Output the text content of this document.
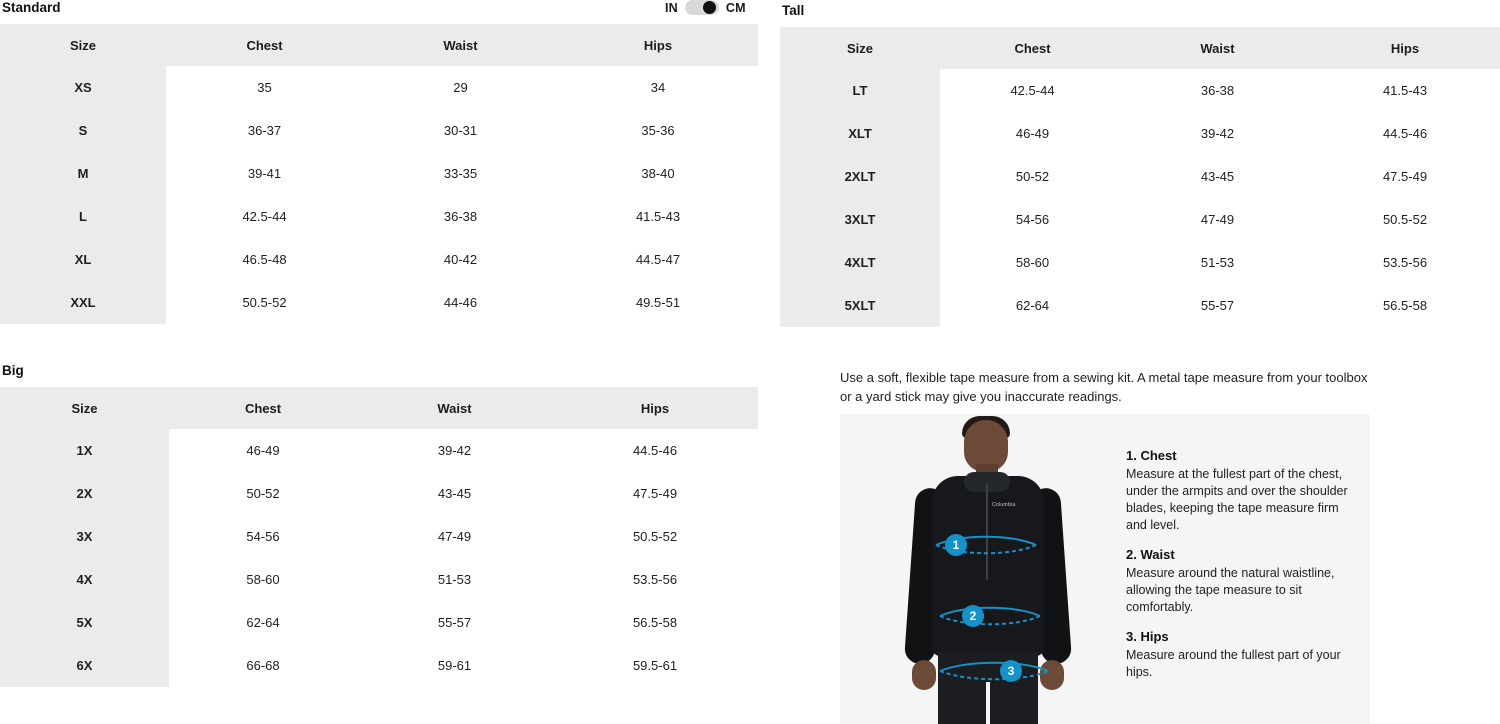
IN	CM
Standard
Size	Chest	Waist	Hips
XS	35	29	34
S	36-37	30-31	35-36
M	39-41	33-35	38-40
L	42.5-44	36-38	41.5-43
XL	46.5-48	40-42	44.5-47
XXL	50.5-52	44-46	49.5-51
Big
Size	Chest	Waist	Hips
1X	46-49	39-42	44.5-46
2X	50-52	43-45	47.5-49
3X	54-56	47-49	50.5-52
4X	58-60	51-53	53.5-56
5X	62-64	55-57	56.5-58
6X	66-68	59-61	59.5-61
Tall
Size	Chest	Waist	Hips
LT	42.5-44	36-38	41.5-43
XLT	46-49	39-42	44.5-46
2XLT	50-52	43-45	47.5-49
3XLT	54-56	47-49	50.5-52
4XLT	58-60	51-53	53.5-56
5XLT	62-64	55-57	56.5-58

Use a soft, flexible tape measure from a sewing kit. A metal tape measure from your toolbox or a yard stick may give you inaccurate readings.

Columbia
1
2
3
1. Chest

Measure at the fullest part of the chest, under the armpits and over the shoulder blades, keeping the tape measure firm and level.

2. Waist

Measure around the natural waistline, allowing the tape measure to sit comfortably.

3. Hips

Measure around the fullest part of your hips.
